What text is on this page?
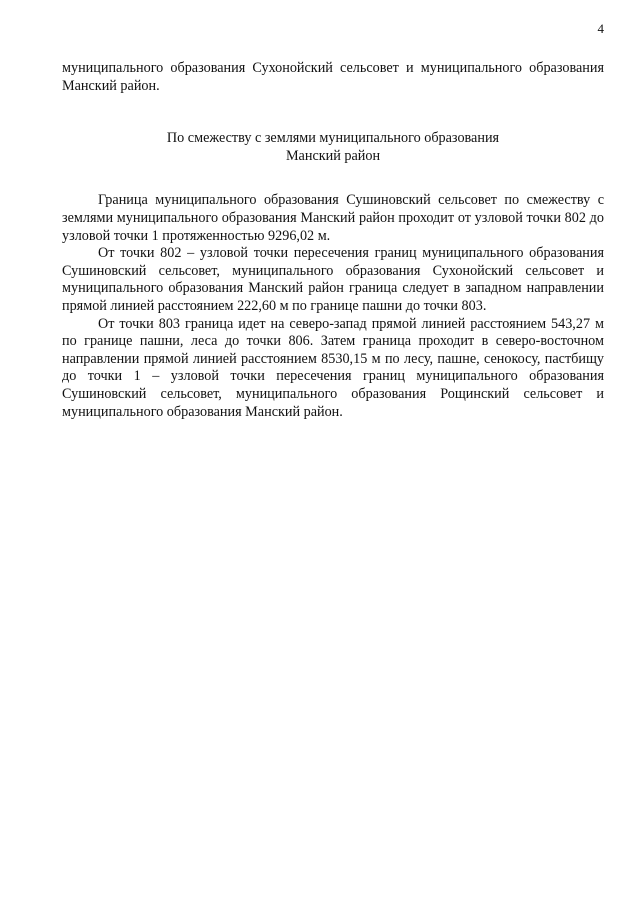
4

муниципального образования Сухонойский сельсовет и муниципального образования Манский район.

По смежеству с землями муниципального образования
Манский район

Граница муниципального образования Сушиновский сельсовет по смежеству с землями муниципального образования Манский район проходит от узловой точки 802 до узловой точки 1 протяженностью 9296,02 м.

От точки 802 – узловой точки пересечения границ муниципального образования Сушиновский сельсовет, муниципального образования Сухонойский сельсовет и муниципального образования Манский район граница следует в западном направлении прямой линией расстоянием 222,60 м по границе пашни до точки 803.

От точки 803 граница идет на северо-запад прямой линией расстоянием 543,27 м по границе пашни, леса до точки 806. Затем граница проходит в северо-восточном направлении прямой линией расстоянием 8530,15 м по лесу, пашне, сенокосу, пастбищу до точки 1 – узловой точки пересечения границ муниципального образования Сушиновский сельсовет, муниципального образования Рощинский сельсовет и муниципального образования Манский район.
